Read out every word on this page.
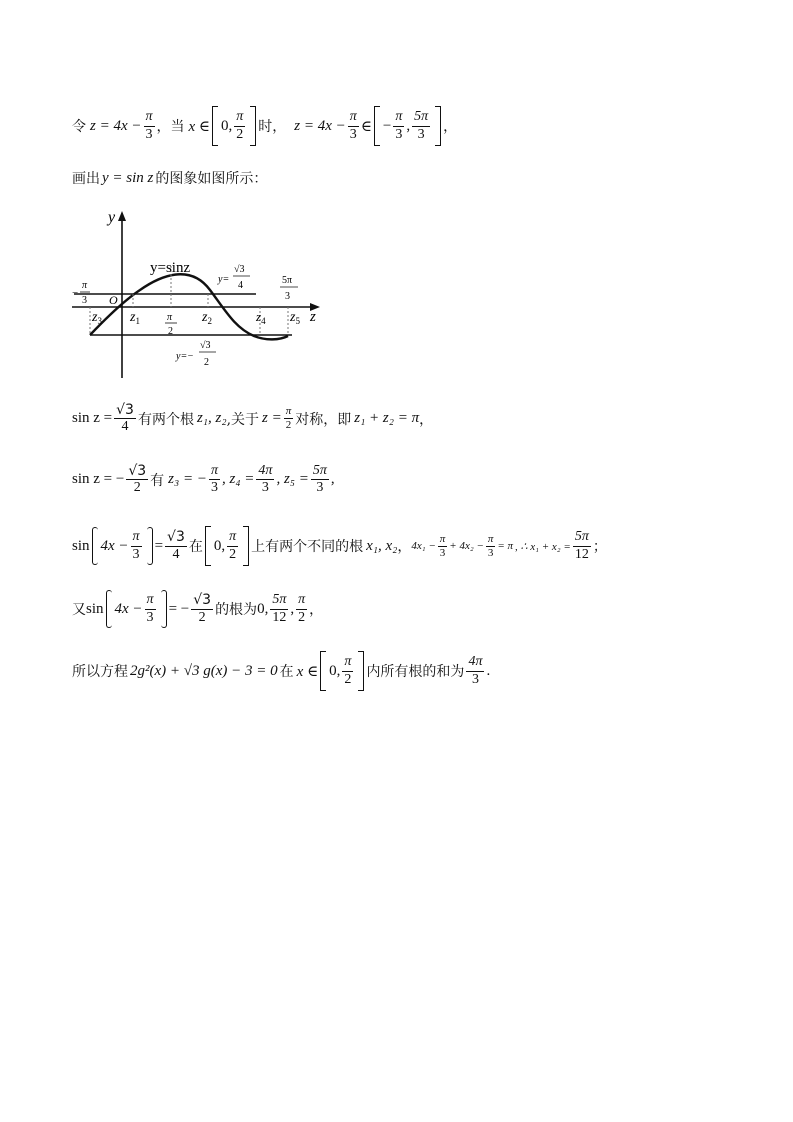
令 $z = 4x - \frac{\pi}{3}$ ， 当 x ∈ 0, $\frac{\pi}{2}$ 时， $z = 4x - \frac{\pi}{3}$ ∈ − $\frac{\pi}{3}$ , $\frac{5\pi}{3}$ ，
画出 y = sin z 的图象如图所示：
y
z
O
y=sinz
y=
√3
4
y=−
√3
2
−
π
3
5π
3
π
2
$z_3$ $z_1$	$z_2$	$z_4$ $z_5$
$\sin z = \frac{√3}{4}$ 有两个根 z₁, z₂ ,关于 $z = \frac{\pi}{2}$ 对称，即 z₁ + z₂ = π ，
sin z = − $\frac{√3}{2}$ 有 z₃ = − $\frac{\pi}{3}$ , $z_4 = \frac{4\pi}{3}$ , $z_5 = \frac{5\pi}{3}$ ,
$\sin 4x - \frac{\pi}{3} = \frac{√3}{4}$ 在 0, $\frac{\pi}{2}$ 上有两个不同的根 x₁, x₂ ， $4x_1 - \frac{\pi}{3} + 4x_2 - \frac{\pi}{3} = \pi$ , ∴ $x_1 + x_2 = \frac{5\pi}{12}$ ；
又 $\sin 4x - \frac{\pi}{3}$ = − $\frac{√3}{2}$ 的根为 0, $\frac{5\pi}{12}$ , $\frac{\pi}{2}$ ，
所以方程 2g²(x) + √3 g(x) − 3 = 0 在 x ∈ 0, $\frac{\pi}{2}$ 内所有根的和为 $\frac{4\pi}{3}$ .
